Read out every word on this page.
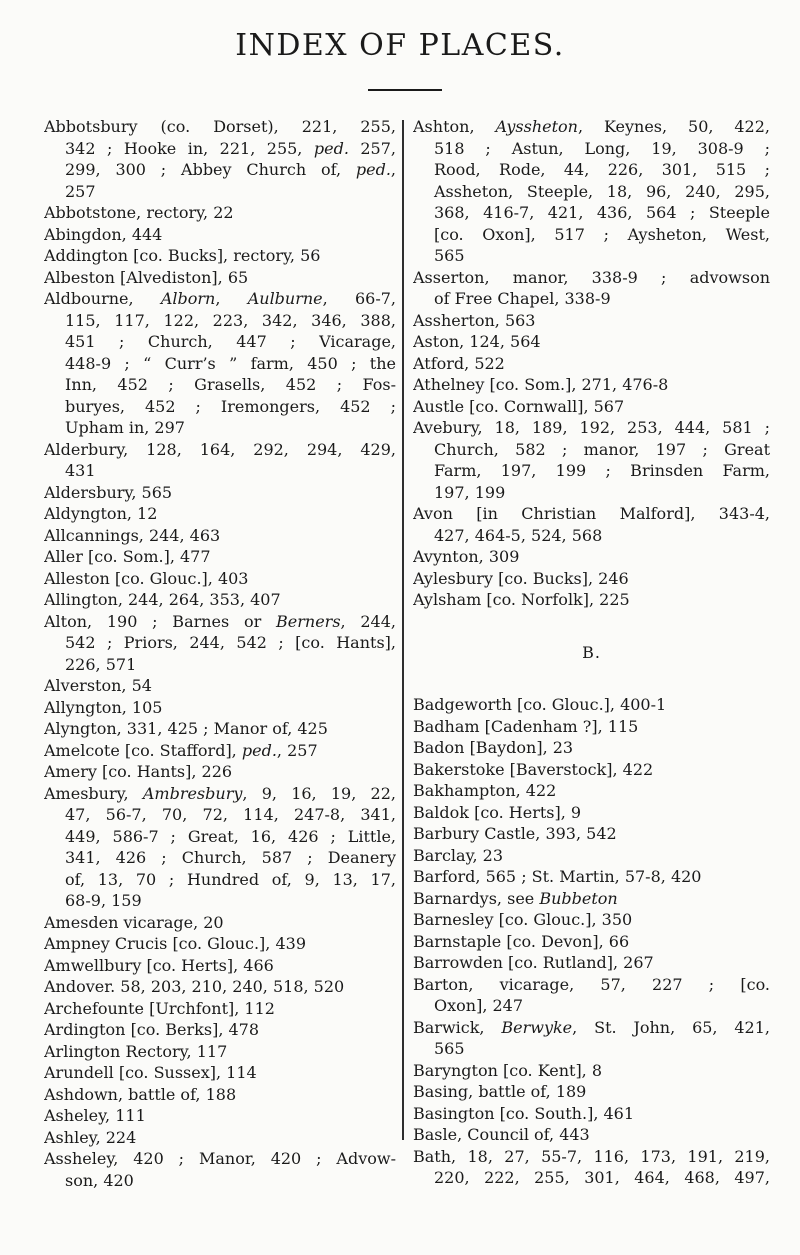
INDEX OF PLACES.
Abbotsbury (co. Dorset), 221, 255,
342 ; Hooke in, 221, 255, ped. 257,
299, 300 ; Abbey Church of, ped.,
257
Abbotstone, rectory, 22
Abingdon, 444
Addington [co. Bucks], rectory, 56
Albeston [Alvediston], 65
Aldbourne, Alborn, Aulburne, 66-7,
115, 117, 122, 223, 342, 346, 388,
451 ; Church, 447 ; Vicarage,
448-9 ; “ Curr’s ” farm, 450 ; the
Inn, 452 ; Grasells, 452 ; Fos-
buryes, 452 ; Iremongers, 452 ;
Upham in, 297
Alderbury, 128, 164, 292, 294, 429,
431
Aldersbury, 565
Aldyngton, 12
Allcannings, 244, 463
Aller [co. Som.], 477
Alleston [co. Glouc.], 403
Allington, 244, 264, 353, 407
Alton, 190 ; Barnes or Berners, 244,
542 ; Priors, 244, 542 ; [co. Hants],
226, 571
Alverston, 54
Allyngton, 105
Alyngton, 331, 425 ; Manor of, 425
Amelcote [co. Stafford], ped., 257
Amery [co. Hants], 226
Amesbury, Ambresbury, 9, 16, 19, 22,
47, 56-7, 70, 72, 114, 247-8, 341,
449, 586-7 ; Great, 16, 426 ; Little,
341, 426 ; Church, 587 ; Deanery
of, 13, 70 ; Hundred of, 9, 13, 17,
68-9, 159
Amesden vicarage, 20
Ampney Crucis [co. Glouc.], 439
Amwellbury [co. Herts], 466
Andover. 58, 203, 210, 240, 518, 520
Archefounte [Urchfont], 112
Ardington [co. Berks], 478
Arlington Rectory, 117
Arundell [co. Sussex], 114
Ashdown, battle of, 188
Asheley, 111
Ashley, 224
Assheley, 420 ; Manor, 420 ; Advow-
son, 420
Ashton, Ayssheton, Keynes, 50, 422,
518 ; Astun, Long, 19, 308-9 ;
Rood, Rode, 44, 226, 301, 515 ;
Assheton, Steeple, 18, 96, 240, 295,
368, 416-7, 421, 436, 564 ; Steeple
[co. Oxon], 517 ; Aysheton, West,
565
Asserton, manor, 338-9 ; advowson
of Free Chapel, 338-9
Assherton, 563
Aston, 124, 564
Atford, 522
Athelney [co. Som.], 271, 476-8
Austle [co. Cornwall], 567
Avebury, 18, 189, 192, 253, 444, 581 ;
Church, 582 ; manor, 197 ; Great
Farm, 197, 199 ; Brinsden Farm,
197, 199
Avon [in Christian Malford], 343-4,
427, 464-5, 524, 568
Avynton, 309
Aylesbury [co. Bucks], 246
Aylsham [co. Norfolk], 225
B.
Badgeworth [co. Glouc.], 400-1
Badham [Cadenham ?], 115
Badon [Baydon], 23
Bakerstoke [Baverstock], 422
Bakhampton, 422
Baldok [co. Herts], 9
Barbury Castle, 393, 542
Barclay, 23
Barford, 565 ; St. Martin, 57-8, 420
Barnardys, see Bubbeton
Barnesley [co. Glouc.], 350
Barnstaple [co. Devon], 66
Barrowden [co. Rutland], 267
Barton, vicarage, 57, 227 ; [co.
Oxon], 247
Barwick, Berwyke, St. John, 65, 421,
565
Baryngton [co. Kent], 8
Basing, battle of, 189
Basington [co. South.], 461
Basle, Council of, 443
Bath, 18, 27, 55-7, 116, 173, 191, 219,
220, 222, 255, 301, 464, 468, 497,
